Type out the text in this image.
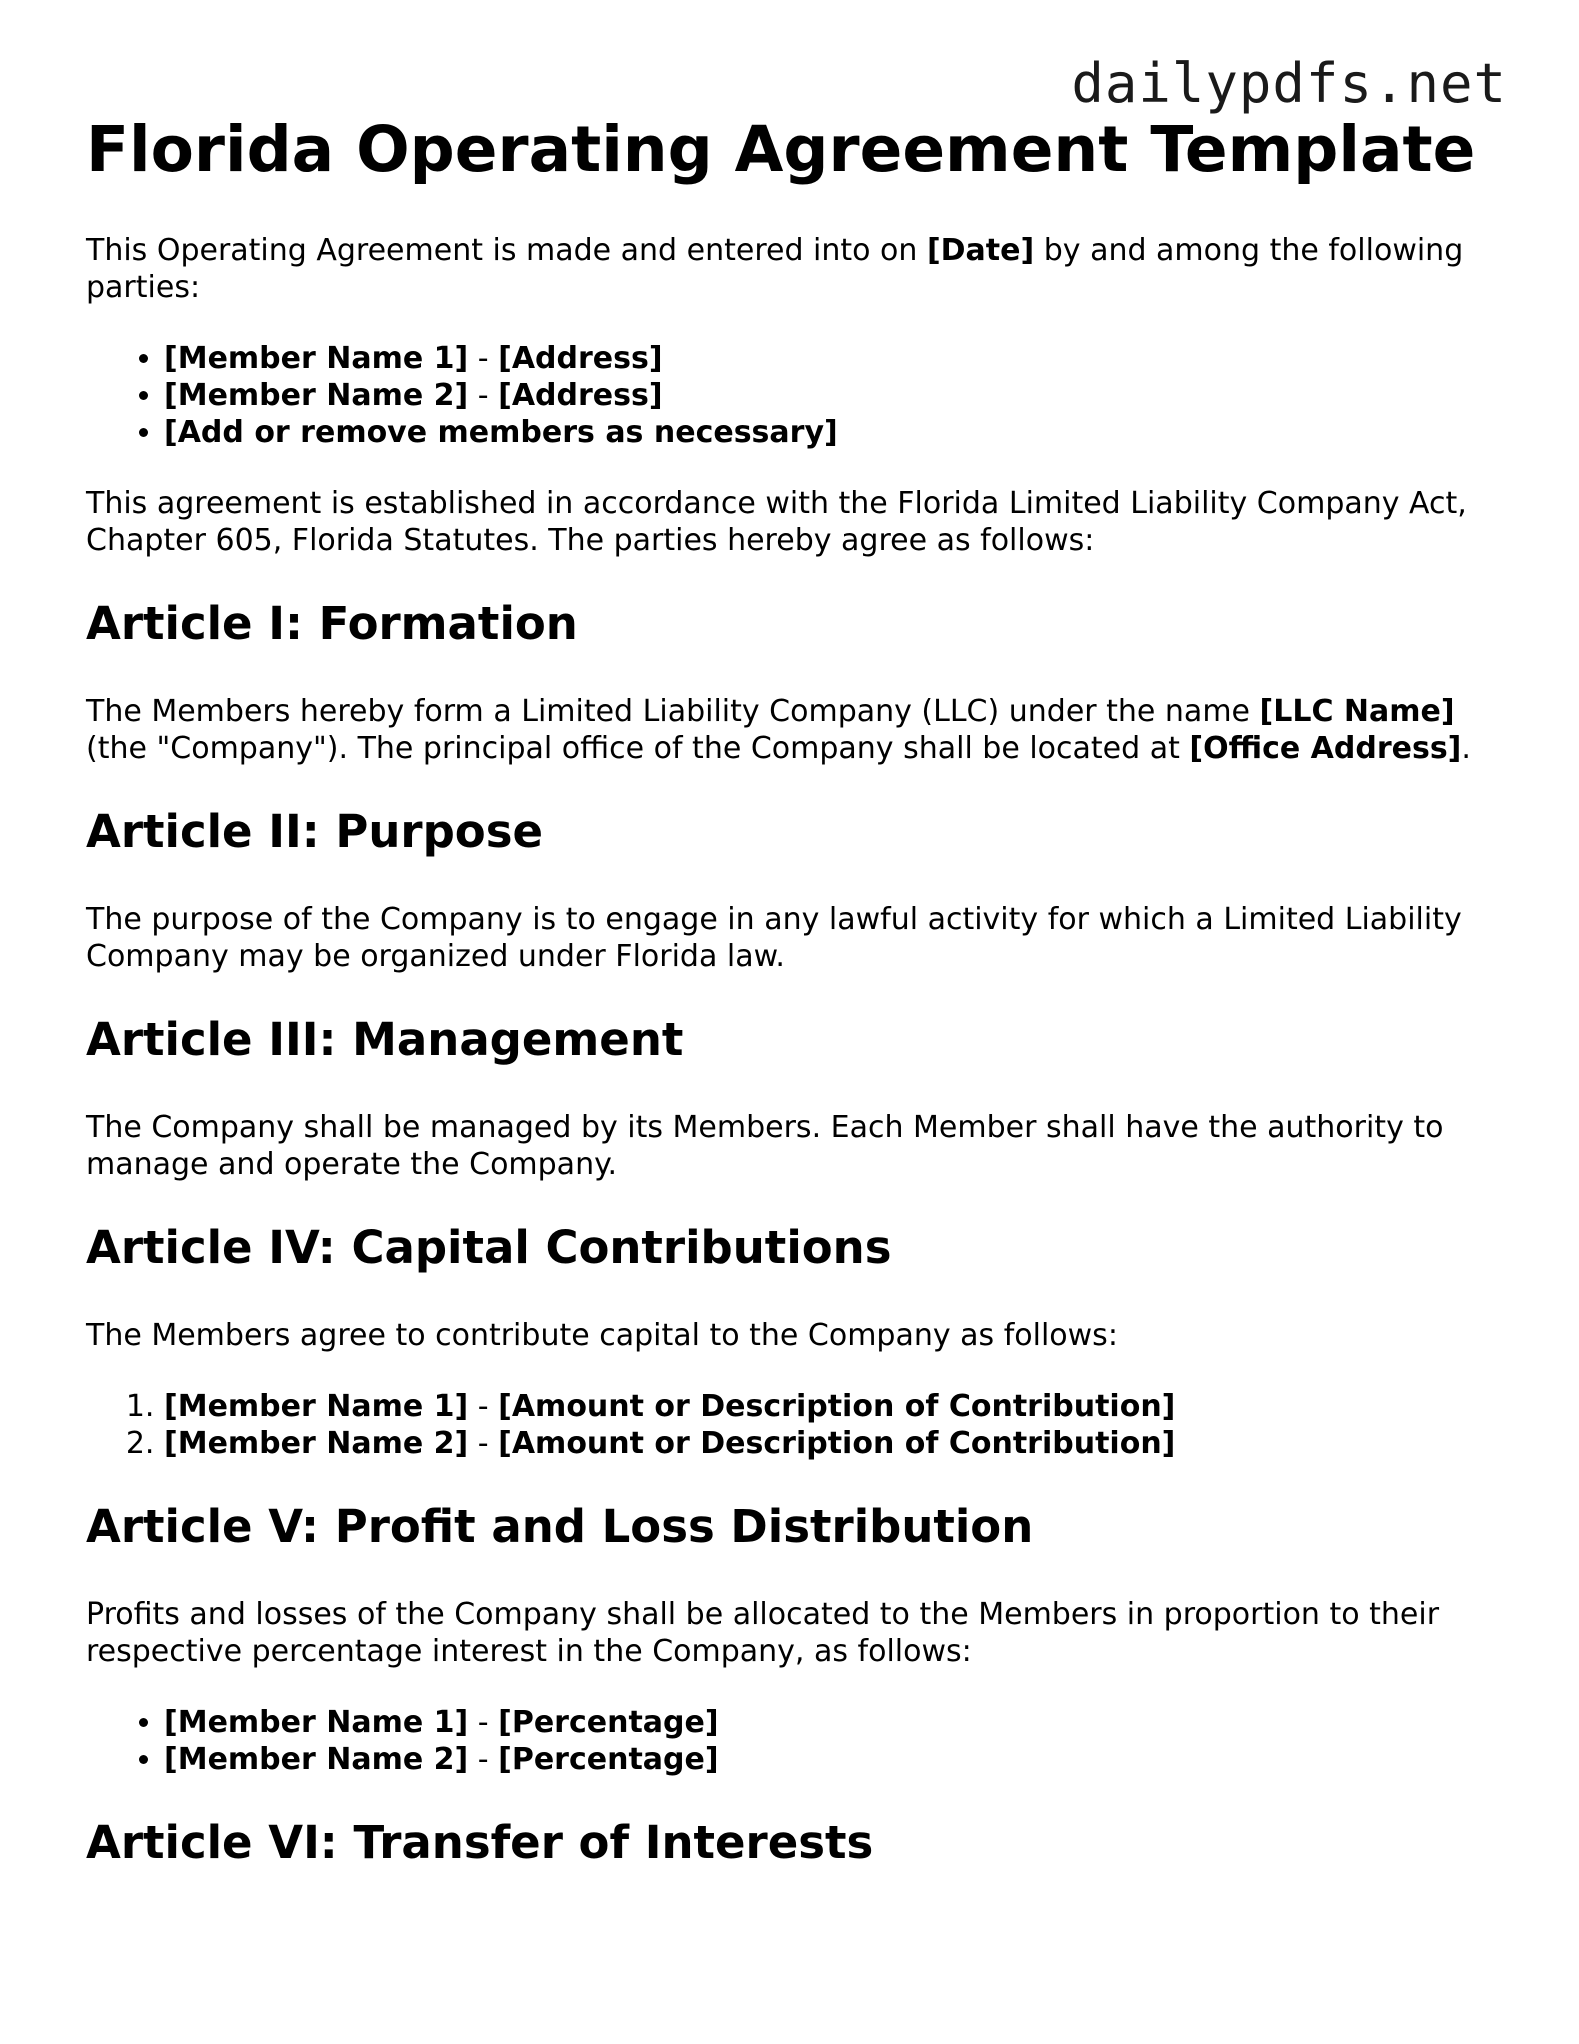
dailypdfs.net
Florida Operating Agreement Template

This Operating Agreement is made and entered into on [Date] by and among the following parties:

• [Member Name 1] - [Address]
• [Member Name 2] - [Address]
• [Add or remove members as necessary]

This agreement is established in accordance with the Florida Limited Liability Company Act, Chapter 605, Florida Statutes. The parties hereby agree as follows:

Article I: Formation

The Members hereby form a Limited Liability Company (LLC) under the name [LLC Name] (the "Company"). The principal office of the Company shall be located at [Office Address].

Article II: Purpose

The purpose of the Company is to engage in any lawful activity for which a Limited Liability Company may be organized under Florida law.

Article III: Management

The Company shall be managed by its Members. Each Member shall have the authority to manage and operate the Company.

Article IV: Capital Contributions

The Members agree to contribute capital to the Company as follows:

1. [Member Name 1] - [Amount or Description of Contribution]
2. [Member Name 2] - [Amount or Description of Contribution]
Article V: Profit and Loss Distribution

Profits and losses of the Company shall be allocated to the Members in proportion to their respective percentage interest in the Company, as follows:

• [Member Name 1] - [Percentage]
• [Member Name 2] - [Percentage]
Article VI: Transfer of Interests
